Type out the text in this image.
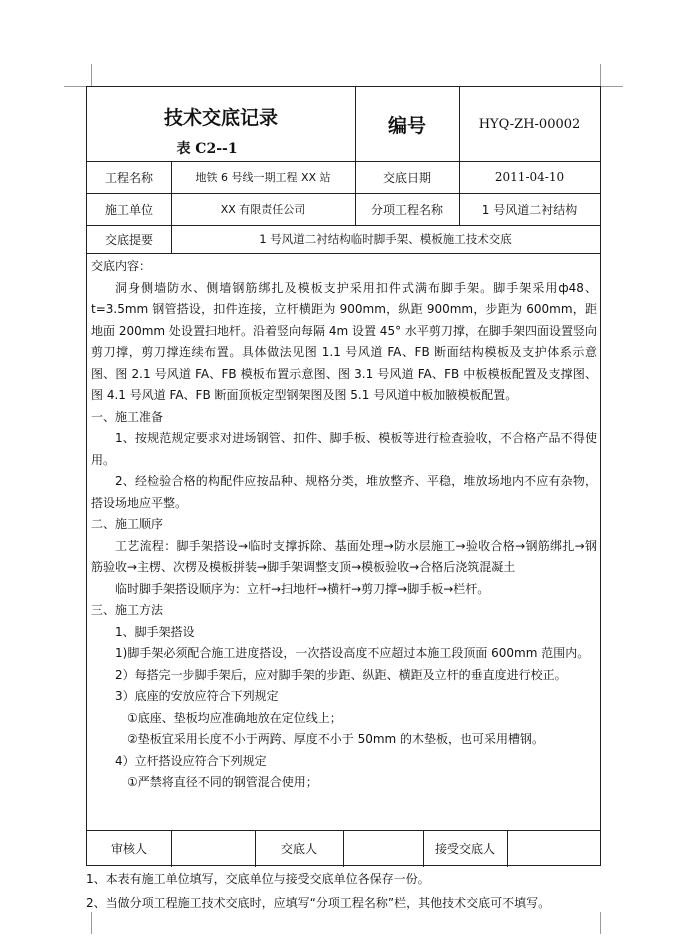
技术交底记录
表 C2--1
编号	HYQ-ZH-00002
工程名称	地铁 6 号线一期工程 XX 站	交底日期	2011-04-10
施工单位	XX 有限责任公司	分项工程名称	1 号风道二衬结构
交底提要	1 号风道二衬结构临时脚手架、模板施工技术交底

交底内容：

洞身侧墙防水、侧墙钢筋绑扎及模板支护采用扣件式满布脚手架。脚手架采用ф48、t=3.5mm 钢管搭设，扣件连接，立杆横距为 900mm，纵距 900mm，步距为 600mm，距地面 200mm 处设置扫地杆。沿着竖向每隔 4m 设置 45° 水平剪刀撑，在脚手架四面设置竖向剪刀撑，剪刀撑连续布置。具体做法见图 1.1 号风道 FA、FB 断面结构模板及支护体系示意图、图 2.1 号风道 FA、FB 模板布置示意图、图 3.1 号风道 FA、FB 中板模板配置及支撑图、图 4.1 号风道 FA、FB 断面顶板定型钢架图及图 5.1 号风道中板加腋模板配置。

一、施工准备

1、按规范规定要求对进场钢管、扣件、脚手板、模板等进行检查验收，不合格产品不得使用。

2、经检验合格的构配件应按品种、规格分类，堆放整齐、平稳，堆放场地内不应有杂物，搭设场地应平整。

二、施工顺序

工艺流程：脚手架搭设→临时支撑拆除、基面处理→防水层施工→验收合格→钢筋绑扎→钢筋验收→主楞、次楞及模板拼装→脚手架调整支顶→模板验收→合格后浇筑混凝土

临时脚手架搭设顺序为：立杆→扫地杆→横杆→剪刀撑→脚手板→栏杆。

三、施工方法

1、脚手架搭设

1)脚手架必须配合施工进度搭设，一次搭设高度不应超过本施工段顶面 600mm 范围内。

2）每搭完一步脚手架后，应对脚手架的步距、纵距、横距及立杆的垂直度进行校正。

3）底座的安放应符合下列规定

①底座、垫板均应准确地放在定位线上；

②垫板宜采用长度不小于两跨、厚度不小于 50mm 的木垫板，也可采用槽钢。

4）立杆搭设应符合下列规定

①严禁将直径不同的钢管混合使用；

审核人	交底人	接受交底人

1、本表有施工单位填写，交底单位与接受交底单位各保存一份。

2、当做分项工程施工技术交底时，应填写“分项工程名称”栏，其他技术交底可不填写。
